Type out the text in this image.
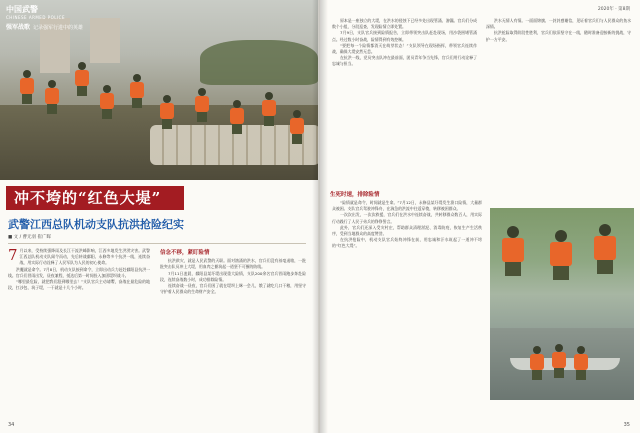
中国武警
CHINESE ARMED POLICE
强军战歌 记录强军行进中的英雄
冲不垮的“红色大堤”
武警江西总队机动支队抗洪抢险纪实
■ 文 / 曹无羽 崔广晖

7 月以来，受持续强降雨及长江干流洪峰影响，江西多地发生洪涝灾害。武警江西总队机动支队闻令而动，先后转战鄱阳、永修等多个抗洪一线，连续奋战，用实际行动诠释了人民军队为人民的初心使命。

洪魔就是命令。7月8日，机动支队接到命令，立即出动兵力赶赴鄱阳县抗洪一线。官兵们冒雨出发，昼夜兼程，抵达后第一时间投入加固堤坝战斗。

“哪里最危险，就把我们派到哪里去！”支队官兵主动请缨，奋战在最危险的地段，扛沙包、筑子堤，一干就是十几个小时。

信念不移，紧盯险情

抗洪救灾，就是人民武警的天职。面对汹涌的洪水，官兵们没有丝毫退缩，一批批突击队员冲上大堤，用血肉之躯筑起一道坚不可摧的防线。

7月11日凌晨，鄱阳县某圩堤出现重大险情，支队200余名官兵冒雨跑步奔赴险段，连续奋战数小时，成功排除险情。

连续奋战一昼夜，官兵们困了就在堤坝上眯一会儿，饿了就吃几口干粮，用坚守守护着人民群众的生命财产安全。

34
2020年 · 第8期

原本是一座独立的大堤，在洪水的侵蚀下已经多处出现管涌、渗漏。官兵们分成数个小组，分段巡查，发现险情立即处置。

7月9日，支队官兵接到险情报告，立即带领突击队赶赴现场，用沙袋围堵管涌点。经过数小时奋战，险情得到有效控制。

“要把每一个险情都消灭在萌芽状态！”支队领导在现场指挥，带领官兵连续作战，确保大堤安然无恙。

在抗洪一线，党员突击队冲在最前面，团员青年争当先锋，官兵们用行动诠释了忠诚与担当。

洪水无情人有情。一面面锦旗、一封封感谢信，见证着官兵们与人民群众的鱼水深情。

抗洪抢险取得阶段性胜利，官兵们依旧坚守在一线，随时准备迎接新的挑战，守护一方平安。

生死时速，排除险情

“险情就是命令，时间就是生命。”7月12日，永修县某圩堤发生溃口险情，大量群众被困。支队官兵驾驶冲锋舟，在湍急的洪流中往返穿梭，转移被困群众。

一次次出发，一次次救援，官兵们在洪水中连续奋战，共转移群众数百人，用实际行动践行了人民子弟兵的铮铮誓言。

此外，官兵们还深入受灾村庄，帮助群众清理淤泥、消毒防疫，恢复生产生活秩序，受到当地群众的高度赞誉。

在抗洪抢险中，机动支队官兵始终冲锋在前，用忠诚和汗水筑起了一道冲不垮的“红色大堤”。

35
